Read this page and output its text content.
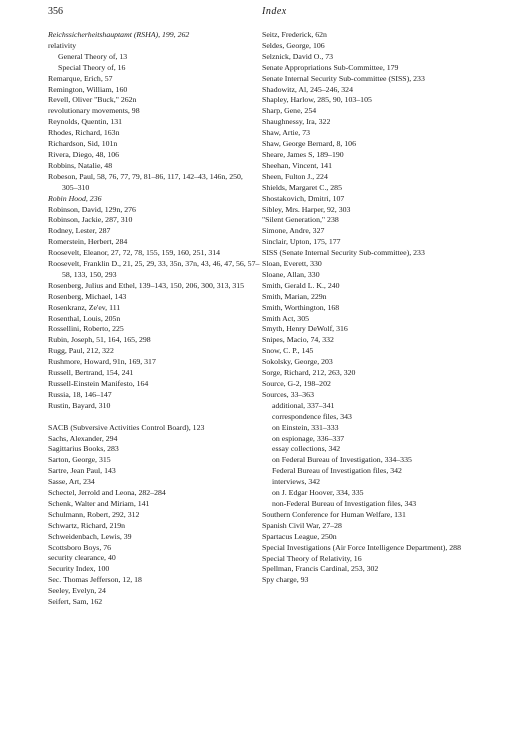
356	Index
Reichssicherheitshauptamt (RSHA), 199, 262
relativity
General Theory of, 13
Special Theory of, 16
Remarque, Erich, 57
Remington, William, 160
Revell, Oliver "Buck," 262n
revolutionary movements, 98
Reynolds, Quentin, 131
Rhodes, Richard, 163n
Richardson, Sid, 101n
Rivera, Diego, 48, 106
Robbins, Natalie, 48
Robeson, Paul, 58, 76, 77, 79, 81–86, 117, 142–43, 146n, 250, 305–310
Robin Hood, 236
Robinson, David, 129n, 276
Robinson, Jackie, 287, 310
Rodney, Lester, 287
Romerstein, Herbert, 284
Roosevelt, Eleanor, 27, 72, 78, 155, 159, 160, 251, 314
Roosevelt, Franklin D., 21, 25, 29, 33, 35n, 37n, 43, 46, 47, 56, 57–58, 133, 150, 293
Rosenberg, Julius and Ethel, 139–143, 150, 206, 300, 313, 315
Rosenberg, Michael, 143
Rosenkranz, Ze'ev, 111
Rosenthal, Louis, 205n
Rossellini, Roberto, 225
Rubin, Joseph, 51, 164, 165, 298
Rugg, Paul, 212, 322
Rushmore, Howard, 91n, 169, 317
Russell, Bertrand, 154, 241
Russell-Einstein Manifesto, 164
Russia, 18, 146–147
Rustin, Bayard, 310
SACB (Subversive Activities Control Board), 123
Sachs, Alexander, 294
Sagittarius Books, 283
Sarton, George, 315
Sartre, Jean Paul, 143
Sasse, Art, 234
Schectel, Jerrold and Leona, 282–284
Schenk, Walter and Miriam, 141
Schulmann, Robert, 292, 312
Schwartz, Richard, 219n
Schweidenbach, Lewis, 39
Scottsboro Boys, 76
security clearance, 40
Security Index, 100
Sec. Thomas Jefferson, 12, 18
Seeley, Evelyn, 24
Seifert, Sam, 162
Seitz, Frederick, 62n
Seldes, George, 106
Selznick, David O., 73
Senate Appropriations Sub-Committee, 179
Senate Internal Security Sub-committee (SISS), 233
Shadowitz, Al, 245–246, 324
Shapley, Harlow, 285, 90, 103–105
Sharp, Gene, 254
Shaughnessy, Ira, 322
Shaw, Artie, 73
Shaw, George Bernard, 8, 106
Sheare, James S, 189–190
Sheehan, Vincent, 141
Sheen, Fulton J., 224
Shields, Margaret C., 285
Shostakovich, Dmitri, 107
Sibley, Mrs. Harper, 92, 303
"Silent Generation," 238
Simone, Andre, 327
Sinclair, Upton, 175, 177
SISS (Senate Internal Security Sub-committee), 233
Sloan, Everett, 330
Sloane, Allan, 330
Smith, Gerald L. K., 240
Smith, Marian, 229n
Smith, Worthington, 168
Smith Act, 305
Smyth, Henry DeWolf, 316
Snipes, Macio, 74, 332
Snow, C. P., 145
Sokolsky, George, 203
Sorge, Richard, 212, 263, 320
Source, G-2, 198–202
Sources, 33–363
additional, 337–341
correspondence files, 343
on Einstein, 331–333
on espionage, 336–337
essay collections, 342
on Federal Bureau of Investigation, 334–335
Federal Bureau of Investigation files, 342
interviews, 342
on J. Edgar Hoover, 334, 335
non-Federal Bureau of Investigation files, 343
Southern Conference for Human Welfare, 131
Spanish Civil War, 27–28
Spartacus League, 250n
Special Investigations (Air Force Intelligence Department), 288
Special Theory of Relativity, 16
Spellman, Francis Cardinal, 253, 302
Spy charge, 93
